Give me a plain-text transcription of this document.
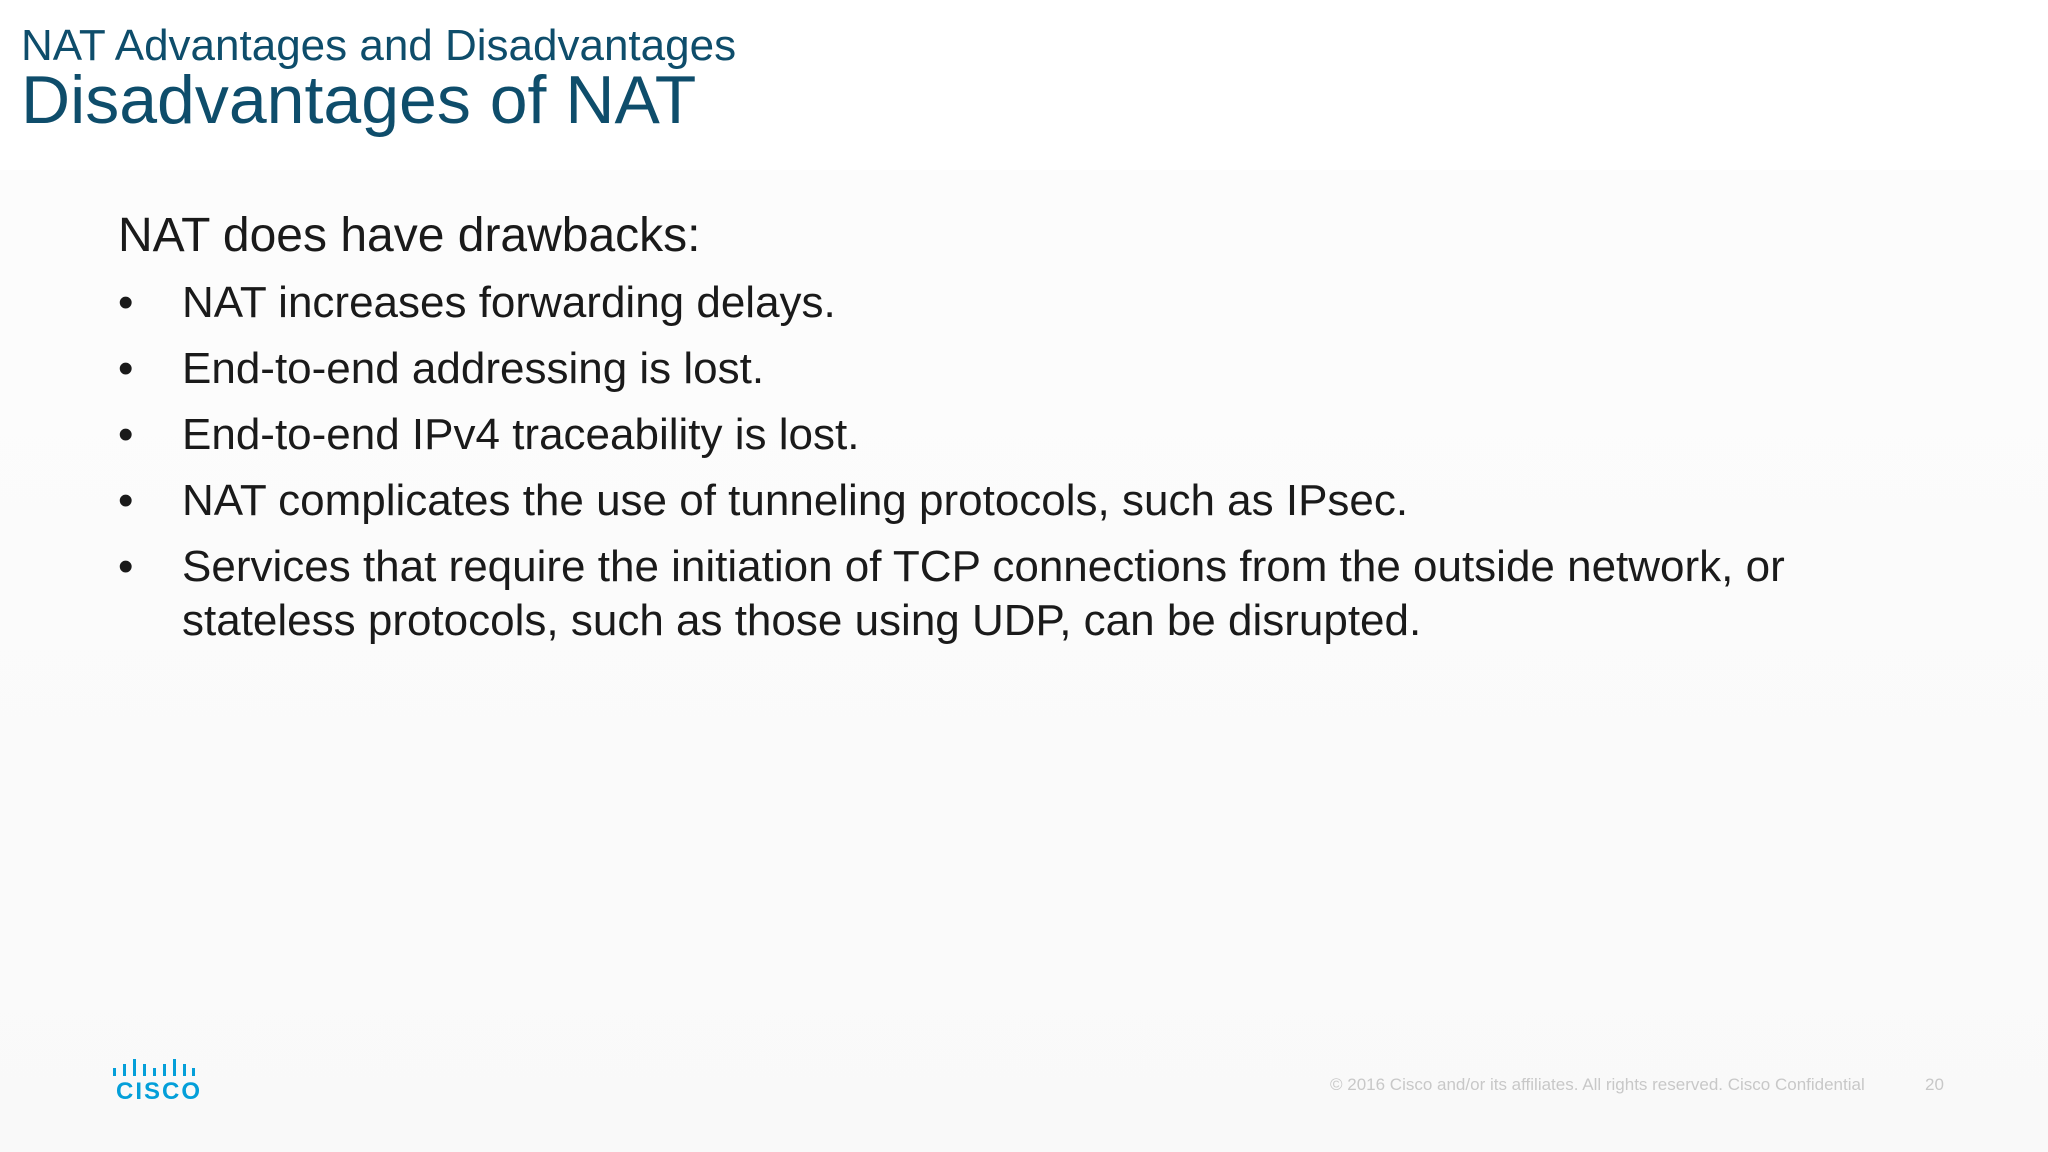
NAT Advantages and Disadvantages
Disadvantages of NAT
NAT does have drawbacks:
•	NAT increases forwarding delays.
•	End-to-end addressing is lost.
•	End-to-end IPv4 traceability is lost.
•	NAT complicates the use of tunneling protocols, such as IPsec.
•	Services that require the initiation of TCP connections from the outside network, or stateless protocols, such as those using UDP, can be disrupted.
CISCO	© 2016 Cisco and/or its affiliates. All rights reserved. Cisco Confidential	20
